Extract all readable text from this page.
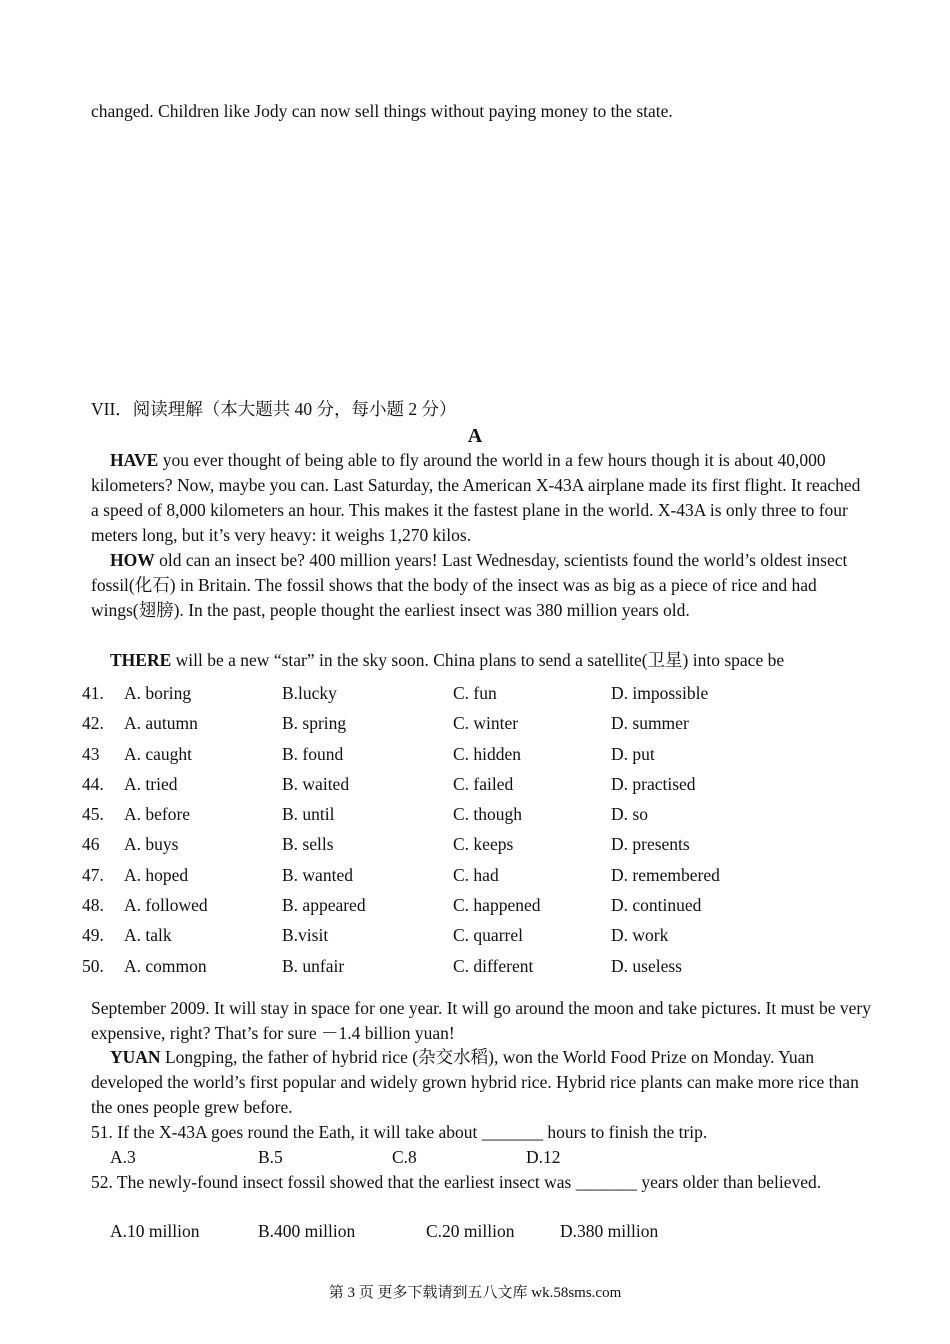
changed. Children like Jody can now sell things without paying money to the state.

VII．阅读理解（本大题共 40 分，每小题 2 分）

A

HAVE you ever thought of being able to fly around the world in a few hours though it is about 40,000 kilometers? Now, maybe you can. Last Saturday, the American X-43A airplane made its first flight. It reached a speed of 8,000 kilometers an hour. This makes it the fastest plane in the world. X-43A is only three to four meters long, but it’s very heavy: it weighs 1,270 kilos.

HOW old can an insect be? 400 million years! Last Wednesday, scientists found the world’s oldest insect fossil(化石) in Britain. The fossil shows that the body of the insect was as big as a piece of rice and had wings(翅膀). In the past, people thought the earliest insect was 380 million years old.

THERE will be a new “star” in the sky soon. China plans to send a satellite(卫星) into space be

41. A. boring	B.lucky	C. fun	D. impossible
42. A. autumn	B. spring	C. winter	D. summer
43 A. caught	B. found	C. hidden	D. put
44. A. tried	B. waited	C. failed	D. practised
45. A. before	B. until	C. though	D. so
46 A. buys	B. sells	C. keeps	D. presents
47. A. hoped	B. wanted	C. had	D. remembered
48. A. followed	B. appeared	C. happened	D. continued
49. A. talk	B.visit	C. quarrel	D. work
50. A. common	B. unfair	C. different	D. useless

September 2009. It will stay in space for one year. It will go around the moon and take pictures. It must be very expensive, right? That’s for sure －1.4 billion yuan!

YUAN Longping, the father of hybrid rice (杂交水稻), won the World Food Prize on Monday. Yuan developed the world’s first popular and widely grown hybrid rice. Hybrid rice plants can make more rice than the ones people grew before.

51. If the X-43A goes round the Eath, it will take about _______ hours to finish the trip.

A.3	B.5	C.8	D.12

52. The newly-found insect fossil showed that the earliest insect was _______ years older than believed.

A.10 million	B.400 million	C.20 million	D.380 million
第 3 页 更多下载请到五八文库 wk.58sms.com
